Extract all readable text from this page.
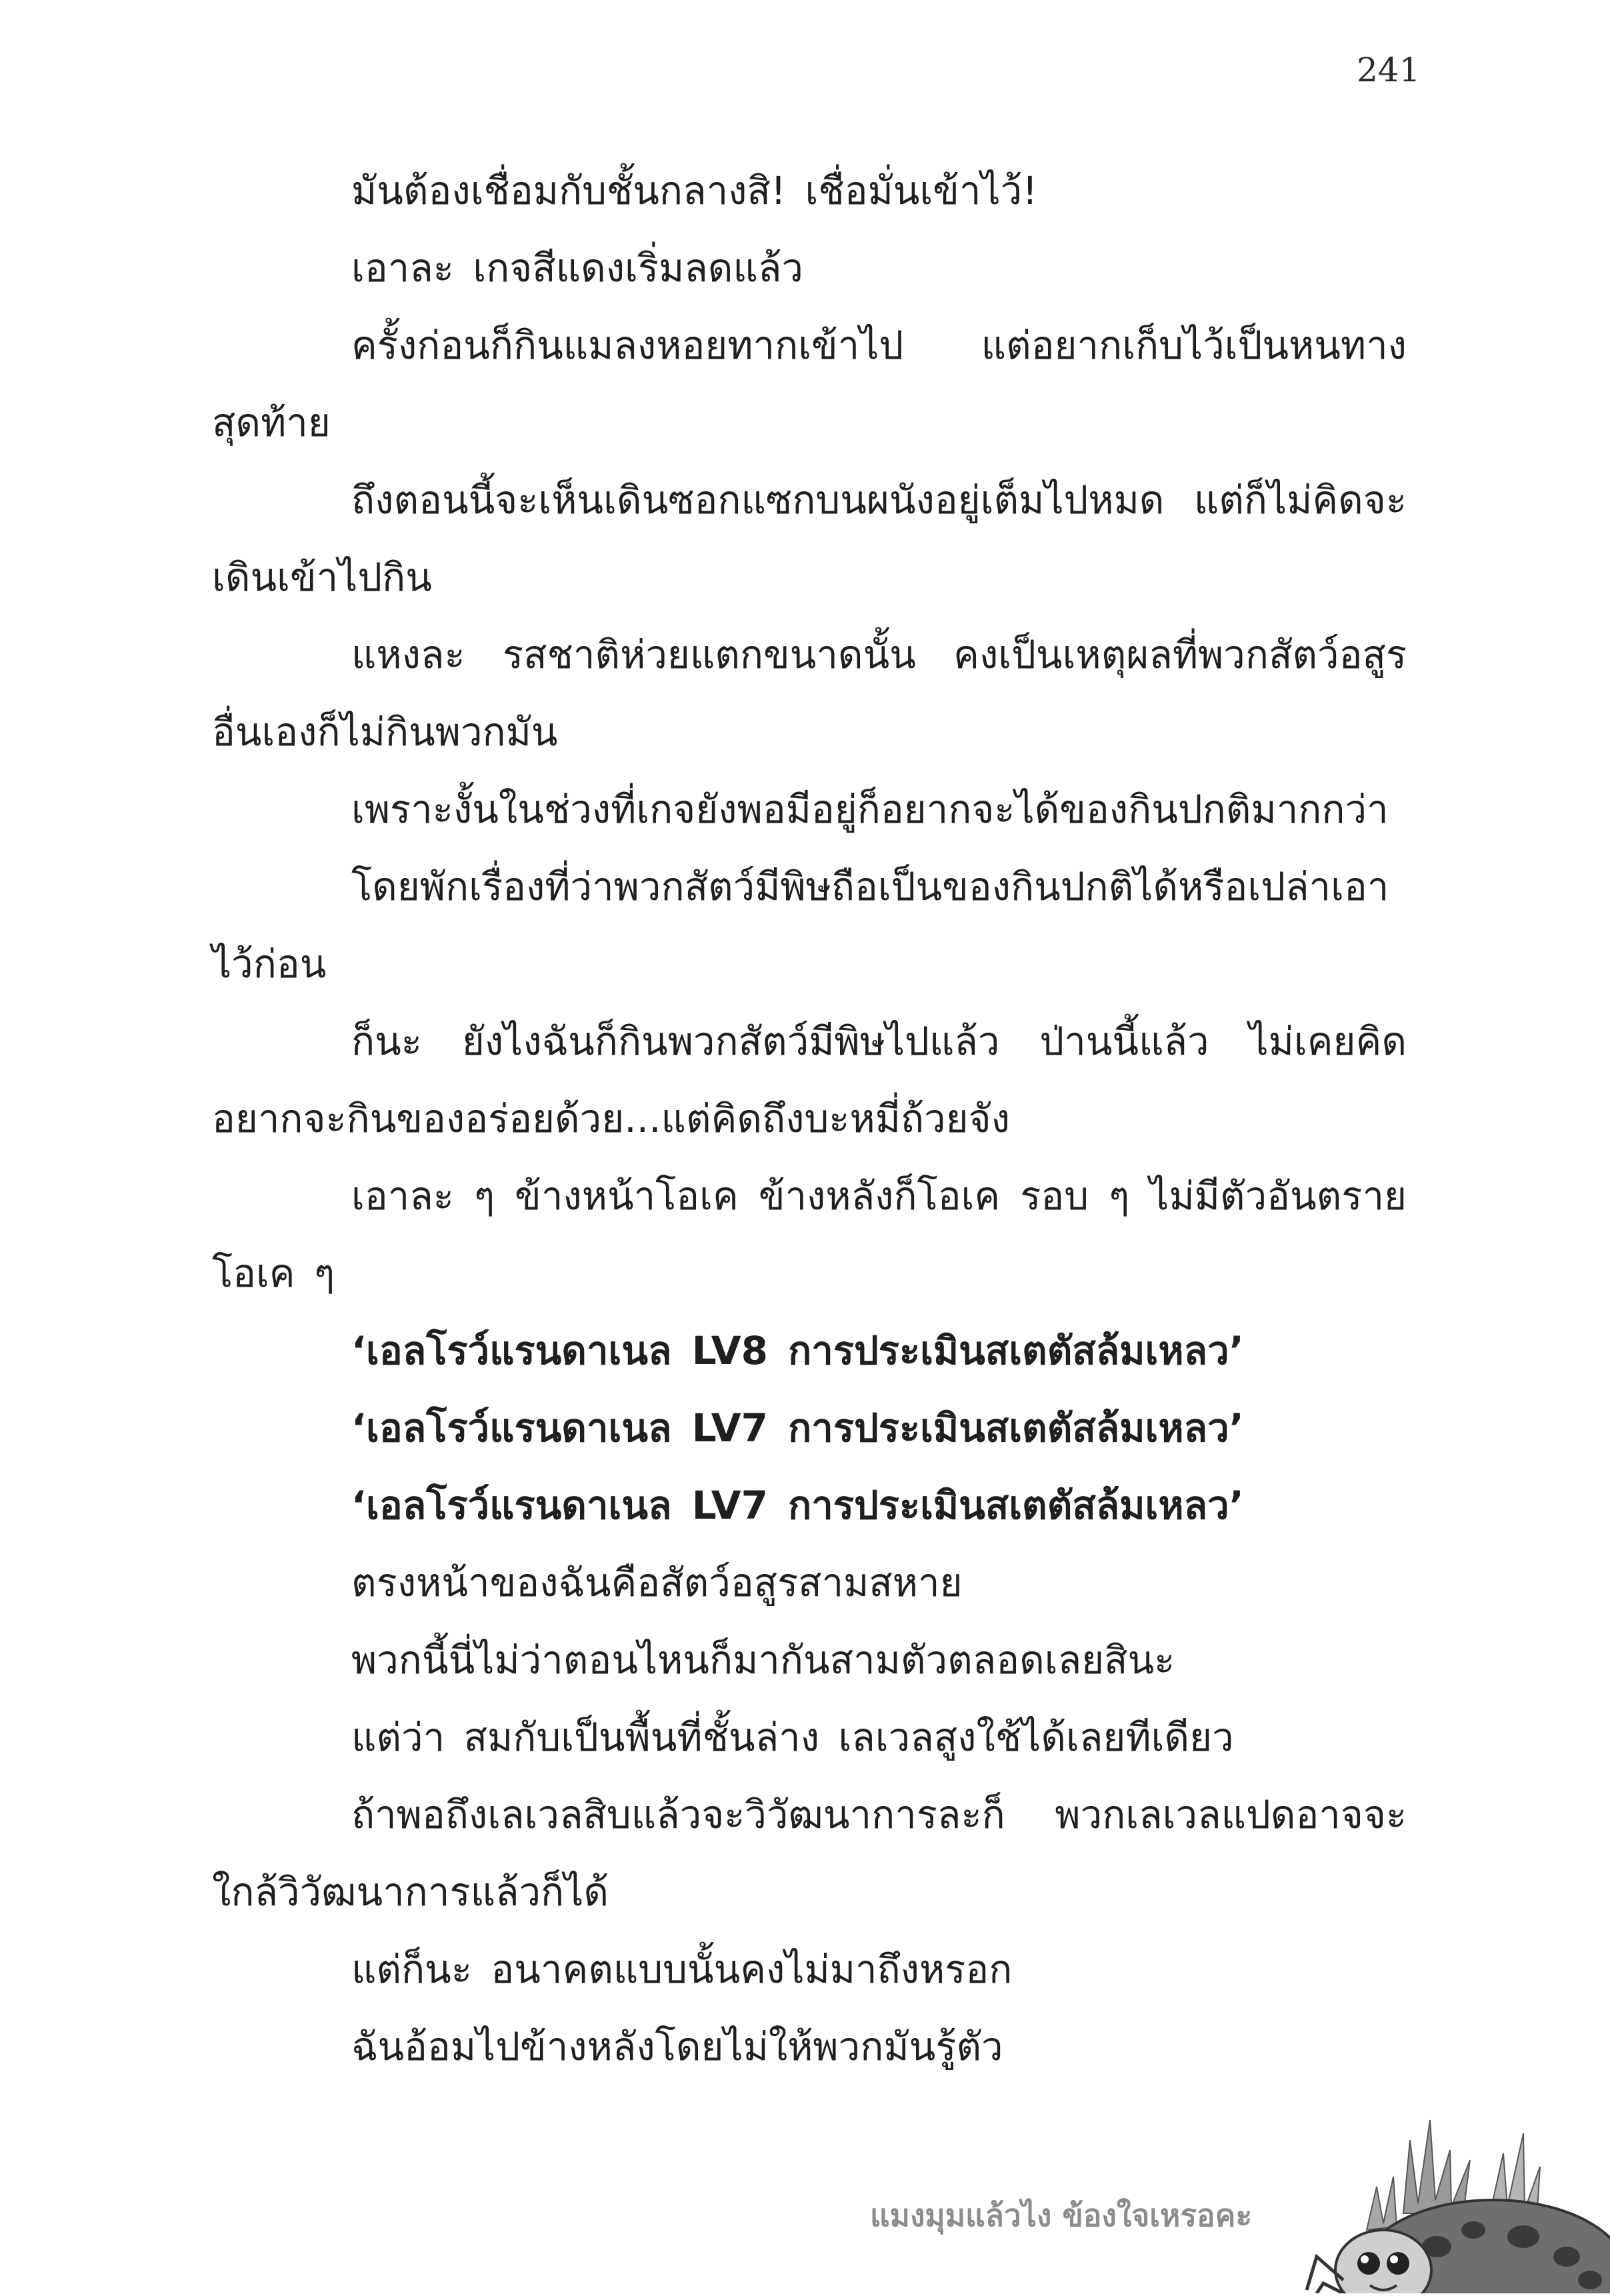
241

มันต้องเชื่อมกับชั้นกลางสิ! เชื่อมั่นเข้าไว้!

เอาละ เกจสีแดงเริ่มลดแล้ว

ครั้งก่อนก็กินแมลงหอยทากเข้าไป แต่อยากเก็บไว้เป็นหนทางสุดท้าย

ถึงตอนนี้จะเห็นเดินซอกแซกบนผนังอยู่เต็มไปหมด แต่ก็ไม่คิดจะเดินเข้าไปกิน

แหงละ รสชาติห่วยแตกขนาดนั้น คงเป็นเหตุผลที่พวกสัตว์อสูรอื่นเองก็ไม่กินพวกมัน

เพราะงั้นในช่วงที่เกจยังพอมีอยู่ก็อยากจะได้ของกินปกติมากกว่า

โดยพักเรื่องที่ว่าพวกสัตว์มีพิษถือเป็นของกินปกติได้หรือเปล่าเอาไว้ก่อน

ก็นะ ยังไงฉันก็กินพวกสัตว์มีพิษไปแล้ว ป่านนี้แล้ว ไม่เคยคิดอยากจะกินของอร่อยด้วย...แต่คิดถึงบะหมี่ถ้วยจัง

เอาละ ๆ ข้างหน้าโอเค ข้างหลังก็โอเค รอบ ๆ ไม่มีตัวอันตราย โอเค ๆ

‘เอลโรว์แรนดาเนล LV8 การประเมินสเตตัสล้มเหลว’

‘เอลโรว์แรนดาเนล LV7 การประเมินสเตตัสล้มเหลว’

‘เอลโรว์แรนดาเนล LV7 การประเมินสเตตัสล้มเหลว’

ตรงหน้าของฉันคือสัตว์อสูรสามสหาย

พวกนี้นี่ไม่ว่าตอนไหนก็มากันสามตัวตลอดเลยสินะ

แต่ว่า สมกับเป็นพื้นที่ชั้นล่าง เลเวลสูงใช้ได้เลยทีเดียว

ถ้าพอถึงเลเวลสิบแล้วจะวิวัฒนาการละก็ พวกเลเวลแปดอาจจะใกล้วิวัฒนาการแล้วก็ได้

แต่ก็นะ อนาคตแบบนั้นคงไม่มาถึงหรอก

ฉันอ้อมไปข้างหลังโดยไม่ให้พวกมันรู้ตัว

แมงมุมแล้วไง ข้องใจเหรอคะ
